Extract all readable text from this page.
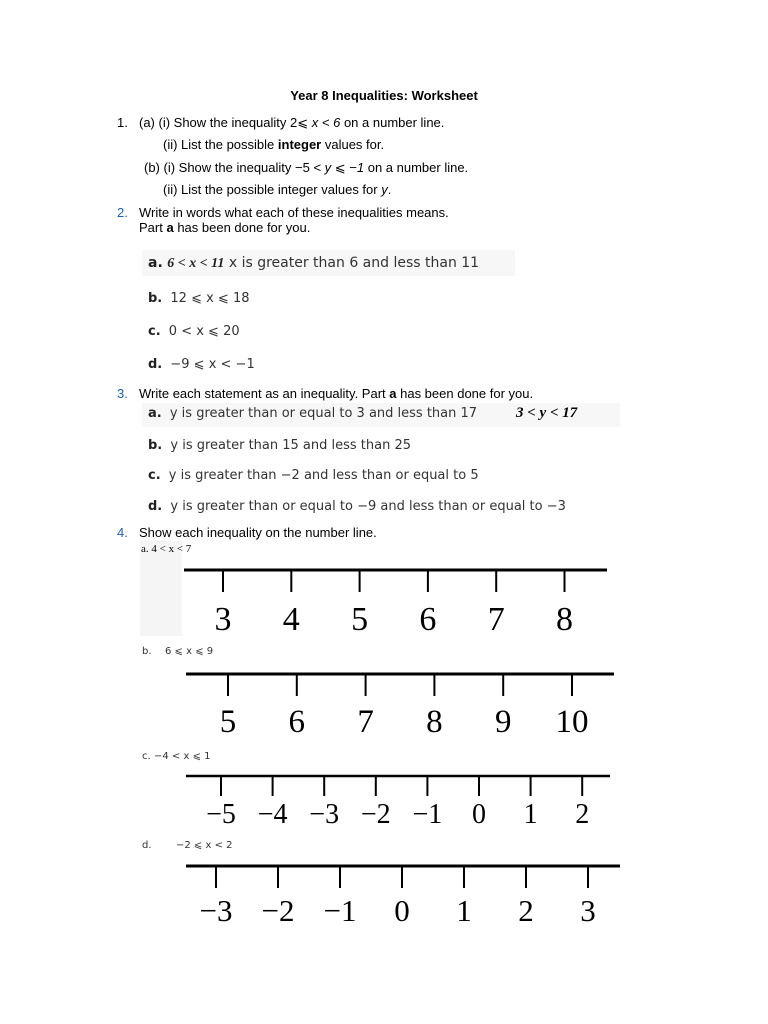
Year 8 Inequalities: Worksheet
1. (a) (i) Show the inequality 2⩽ x < 6 on a number line.
(ii) List the possible integer values for.
(b) (i) Show the inequality −5 < y ⩽ −1 on a number line.
(ii) List the possible integer values for y.
2. Write in words what each of these inequalities means.
Part a has been done for you.
a. 6 < x < 11 x is greater than 6 and less than 11
b. 12 ⩽ x ⩽ 18
c. 0 < x ⩽ 20
d. −9 ⩽ x < −1
3. Write each statement as an inequality. Part a has been done for you.
a. y is greater than or equal to 3 and less than 17	3 < y < 17
b. y is greater than 15 and less than 25
c. y is greater than −2 and less than or equal to 5
d. y is greater than or equal to −9 and less than or equal to −3
4. Show each inequality on the number line.
a. 4 < x < 7
3 4 5 6 7 8
b. 6 ⩽ x ⩽ 9
5 6 7 8 9 10
c. −4 < x ⩽ 1
−5 −4 −3 −2 −1 0 1 2
d. −2 ⩽ x < 2
−3 −2 −1 0 1 2 3
